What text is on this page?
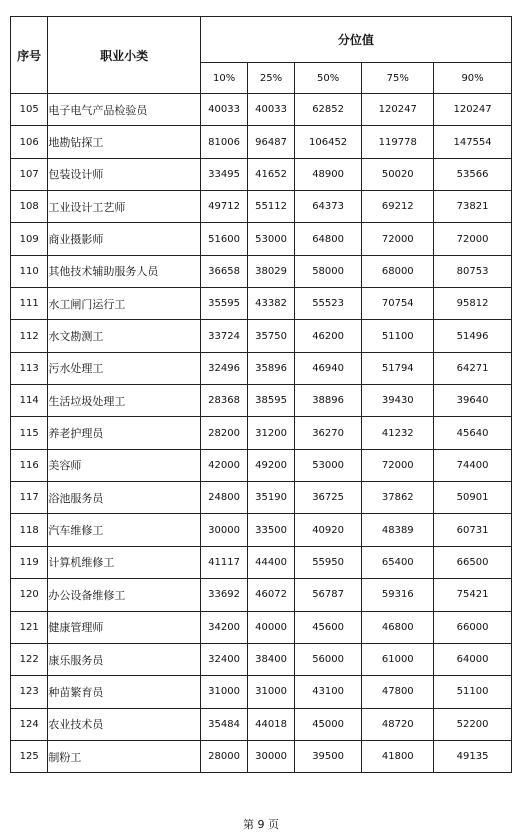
序号	职业小类	分位值				
		10%	25%	50%	75%	90%
105	电子电气产品检验员	40033	40033	62852	120247	120247
106	地勘钻探工	81006	96487	106452	119778	147554
107	包装设计师	33495	41652	48900	50020	53566
108	工业设计工艺师	49712	55112	64373	69212	73821
109	商业摄影师	51600	53000	64800	72000	72000
110	其他技术辅助服务人员	36658	38029	58000	68000	80753
111	水工闸门运行工	35595	43382	55523	70754	95812
112	水文勘测工	33724	35750	46200	51100	51496
113	污水处理工	32496	35896	46940	51794	64271
114	生活垃圾处理工	28368	38595	38896	39430	39640
115	养老护理员	28200	31200	36270	41232	45640
116	美容师	42000	49200	53000	72000	74400
117	浴池服务员	24800	35190	36725	37862	50901
118	汽车维修工	30000	33500	40920	48389	60731
119	计算机维修工	41117	44400	55950	65400	66500
120	办公设备维修工	33692	46072	56787	59316	75421
121	健康管理师	34200	40000	45600	46800	66000
122	康乐服务员	32400	38400	56000	61000	64000
123	种苗繁育员	31000	31000	43100	47800	51100
124	农业技术员	35484	44018	45000	48720	52200
125	制粉工	28000	30000	39500	41800	49135
第 9 页
